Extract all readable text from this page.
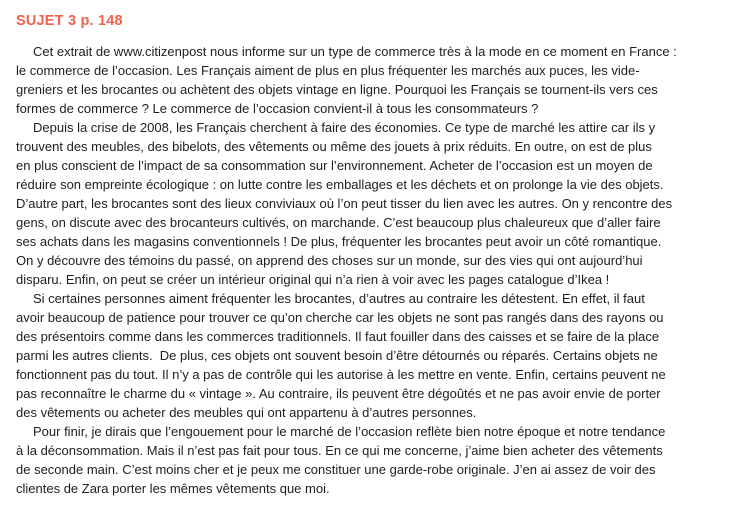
SUJET 3 p. 148
Cet extrait de www.citizenpost nous informe sur un type de commerce très à la mode en ce moment en France :
le commerce de l’occasion. Les Français aiment de plus en plus fréquenter les marchés aux puces, les vide-
greniers et les brocantes ou achètent des objets vintage en ligne. Pourquoi les Français se tournent-ils vers ces
formes de commerce ? Le commerce de l’occasion convient-il à tous les consommateurs ?
Depuis la crise de 2008, les Français cherchent à faire des économies. Ce type de marché les attire car ils y
trouvent des meubles, des bibelots, des vêtements ou même des jouets à prix réduits. En outre, on est de plus
en plus conscient de l’impact de sa consommation sur l’environnement. Acheter de l’occasion est un moyen de
réduire son empreinte écologique : on lutte contre les emballages et les déchets et on prolonge la vie des objets.
D’autre part, les brocantes sont des lieux conviviaux où l’on peut tisser du lien avec les autres. On y rencontre des
gens, on discute avec des brocanteurs cultivés, on marchande. C’est beaucoup plus chaleureux que d’aller faire
ses achats dans les magasins conventionnels ! De plus, fréquenter les brocantes peut avoir un côté romantique.
On y découvre des témoins du passé, on apprend des choses sur un monde, sur des vies qui ont aujourd’hui
disparu. Enfin, on peut se créer un intérieur original qui n’a rien à voir avec les pages catalogue d’Ikea !
Si certaines personnes aiment fréquenter les brocantes, d’autres au contraire les détestent. En effet, il faut
avoir beaucoup de patience pour trouver ce qu’on cherche car les objets ne sont pas rangés dans des rayons ou
des présentoirs comme dans les commerces traditionnels. Il faut fouiller dans des caisses et se faire de la place
parmi les autres clients.  De plus, ces objets ont souvent besoin d’être détournés ou réparés. Certains objets ne
fonctionnent pas du tout. Il n’y a pas de contrôle qui les autorise à les mettre en vente. Enfin, certains peuvent ne
pas reconnaître le charme du « vintage ». Au contraire, ils peuvent être dégoûtés et ne pas avoir envie de porter
des vêtements ou acheter des meubles qui ont appartenu à d’autres personnes.
Pour finir, je dirais que l’engouement pour le marché de l’occasion reflète bien notre époque et notre tendance
à la déconsommation. Mais il n’est pas fait pour tous. En ce qui me concerne, j’aime bien acheter des vêtements
de seconde main. C’est moins cher et je peux me constituer une garde-robe originale. J’en ai assez de voir des
clientes de Zara porter les mêmes vêtements que moi.
